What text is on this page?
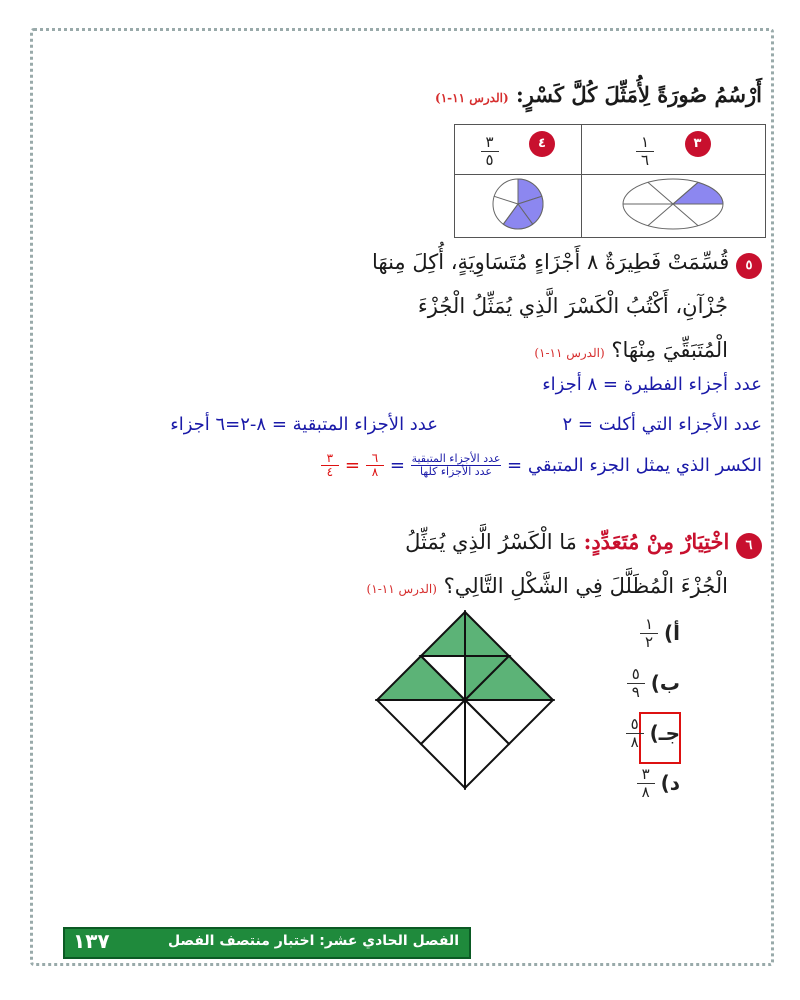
أَرْسُمُ صُورَةً لِأُمَثِّلَ كُلَّ كَسْرٍ: (الدرس ١١-١)
$\frac{٣}{٥}$ ٤	$\frac{١}{٦}$ ٣

٥ قُسِّمَتْ فَطِيرَةٌ ٨ أَجْزَاءٍ مُتَسَاوِيَةٍ، أُكِلَ مِنهَا
جُزْآنِ، أَكْتُبُ الْكَسْرَ الَّذِي يُمَثِّلُ الْجُزْءَ
الْمُتَبَقِّيَ مِنْهَا؟ (الدرس ١١-١)
عدد أجزاء الفطيرة = ٨ أجزاء
عدد الأجزاء التي أكلت = ٢
عدد الأجزاء المتبقية = ٨-٢=٦ أجزاء
الكسر الذي يمثل الجزء المتبقي =
$\frac{\text{عدد الأجزاء المتبقية}}{\text{عدد الأجزاء كلها}}$
=
$\frac{٦}{٨}$
=
$\frac{٣}{٤}$
٦ اخْتِيَارٌ مِنْ مُتَعَدِّدٍ: مَا الْكَسْرُ الَّذِي يُمَثِّلُ
الْجُزْءَ الْمُظَلَّلَ فِي الشَّكْلِ التَّالِي؟ (الدرس ١١-١)
أ)
$\frac{١}{٢}$
ب)
$\frac{٥}{٩}$
جـ)
$\frac{٥}{٨}$
د)
$\frac{٣}{٨}$
الفصل الحادي عشر: اختبار منتصف الفصل
١٣٧
